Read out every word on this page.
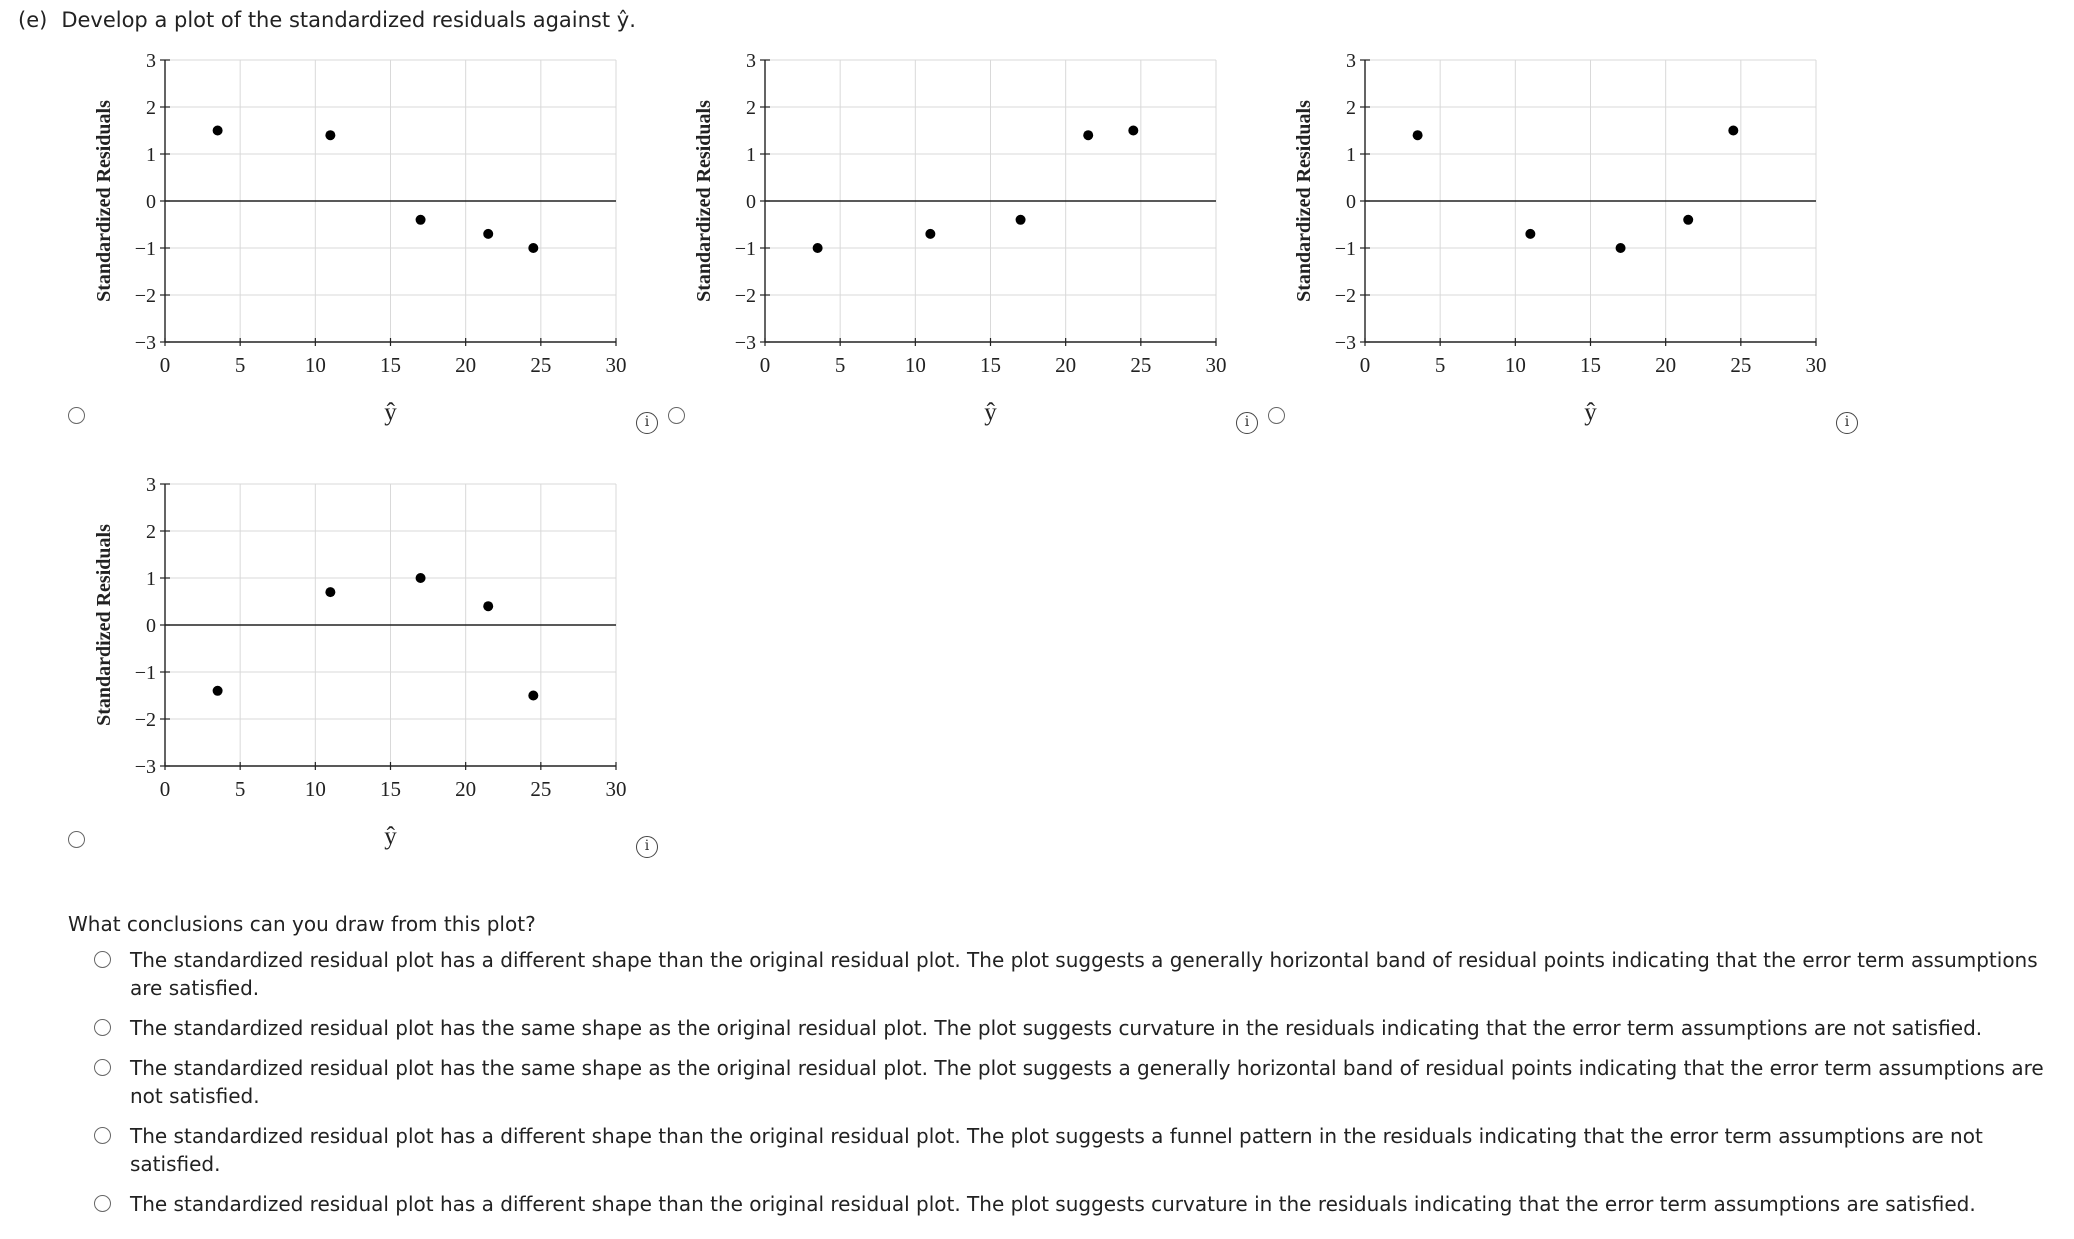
(e) Develop a plot of the standardized residuals against ŷ.
0	5	10	15	20	25	30
3
2
1
0
−1
−2
−3
Standardized Residuals
ŷ	i
0	5	10	15	20	25	30
3
2
1
0
−1
−2
−3
Standardized Residuals
ŷ	i
0	5	10	15	20	25	30
3
2
1
0
−1
−2
−3
Standardized Residuals
ŷ	i
0	5	10	15	20	25	30
3
2
1
0
−1
−2
−3
Standardized Residuals
ŷ	i
What conclusions can you draw from this plot?
The standardized residual plot has a different shape than the original residual plot. The plot suggests a generally horizontal band of residual points indicating that the error term assumptions are satisfied.
The standardized residual plot has the same shape as the original residual plot. The plot suggests curvature in the residuals indicating that the error term assumptions are not satisfied.
The standardized residual plot has the same shape as the original residual plot. The plot suggests a generally horizontal band of residual points indicating that the error term assumptions are not satisfied.
The standardized residual plot has a different shape than the original residual plot. The plot suggests a funnel pattern in the residuals indicating that the error term assumptions are not satisfied.
The standardized residual plot has a different shape than the original residual plot. The plot suggests curvature in the residuals indicating that the error term assumptions are satisfied.
